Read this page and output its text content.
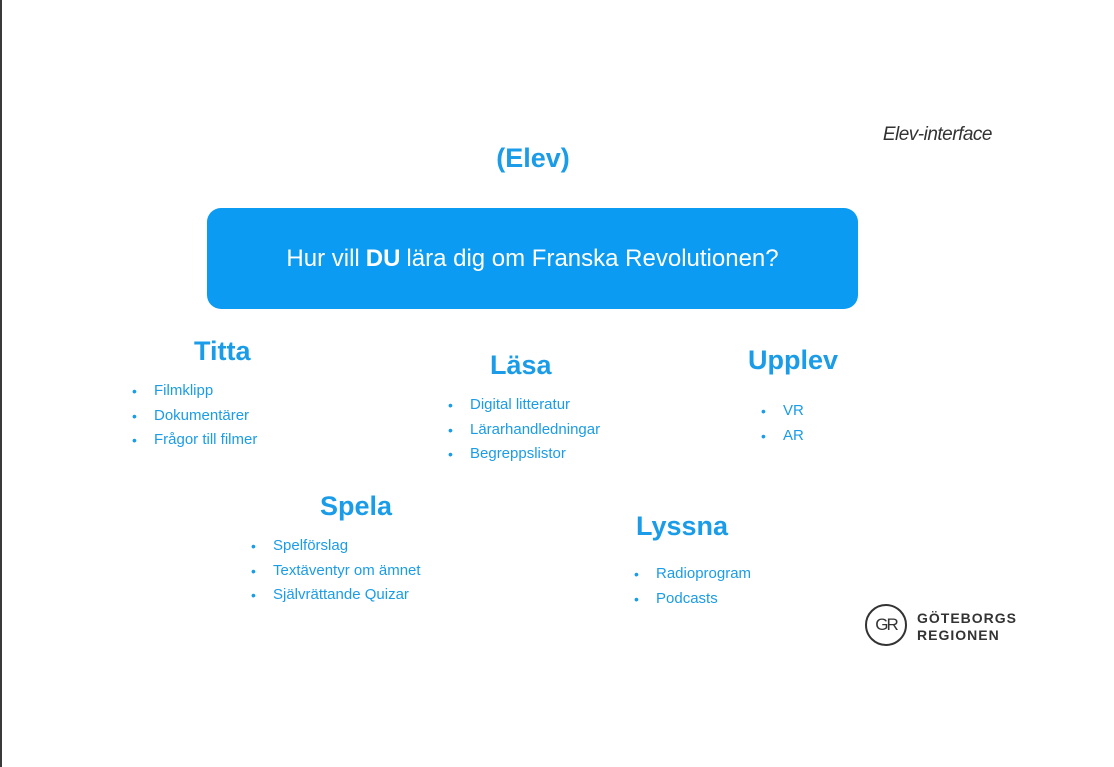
Elev-interface
(Elev)
Hur vill DU lära dig om Franska Revolutionen?
Titta
• Filmklipp
• Dokumentärer
• Frågor till filmer
Läsa
• Digital litteratur
• Lärarhandledningar
• Begreppslistor
Upplev
• VR
• AR
Spela
• Spelförslag
• Textäventyr om ämnet
• Självrättande Quizar
Lyssna
• Radioprogram
• Podcasts
GR	GÖTEBORGS
REGIONEN
